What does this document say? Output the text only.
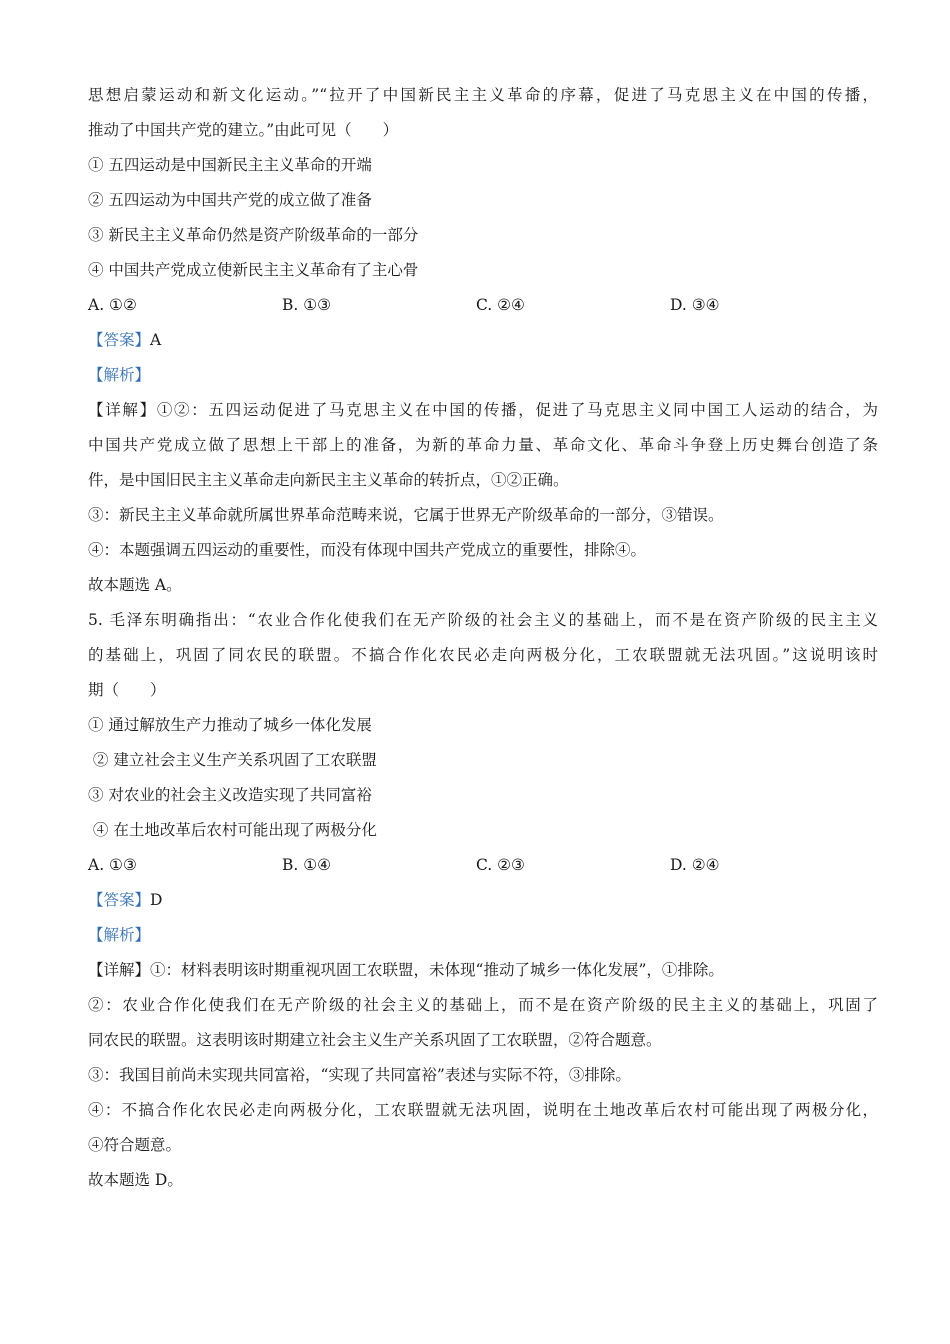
思想启蒙运动和新文化运动。”“拉开了中国新民主主义革命的序幕，促进了马克思主义在中国的传播，
推动了中国共产党的建立。”由此可见（　　）
① 五四运动是中国新民主主义革命的开端
② 五四运动为中国共产党的成立做了准备
③ 新民主主义革命仍然是资产阶级革命的一部分
④ 中国共产党成立使新民主主义革命有了主心骨
A. ①②	B. ①③	C. ②④	D. ③④
【答案】A
【解析】
【详解】①②：五四运动促进了马克思主义在中国的传播，促进了马克思主义同中国工人运动的结合，为
中国共产党成立做了思想上干部上的准备，为新的革命力量、革命文化、革命斗争登上历史舞台创造了条
件，是中国旧民主主义革命走向新民主主义革命的转折点，①②正确。
③：新民主主义革命就所属世界革命范畴来说，它属于世界无产阶级革命的一部分，③错误。
④：本题强调五四运动的重要性，而没有体现中国共产党成立的重要性，排除④。
故本题选 A。
5. 毛泽东明确指出：“农业合作化使我们在无产阶级的社会主义的基础上，而不是在资产阶级的民主主义
的基础上，巩固了同农民的联盟。不搞合作化农民必走向两极分化，工农联盟就无法巩固。”这说明该时
期（　　）
① 通过解放生产力推动了城乡一体化发展
② 建立社会主义生产关系巩固了工农联盟
③ 对农业的社会主义改造实现了共同富裕
④ 在土地改革后农村可能出现了两极分化
A. ①③	B. ①④	C. ②③	D. ②④
【答案】D
【解析】
【详解】①：材料表明该时期重视巩固工农联盟，未体现“推动了城乡一体化发展”，①排除。
②：农业合作化使我们在无产阶级的社会主义的基础上，而不是在资产阶级的民主主义的基础上，巩固了
同农民的联盟。这表明该时期建立社会主义生产关系巩固了工农联盟，②符合题意。
③：我国目前尚未实现共同富裕，“实现了共同富裕”表述与实际不符，③排除。
④：不搞合作化农民必走向两极分化，工农联盟就无法巩固，说明在土地改革后农村可能出现了两极分化，
④符合题意。
故本题选 D。
